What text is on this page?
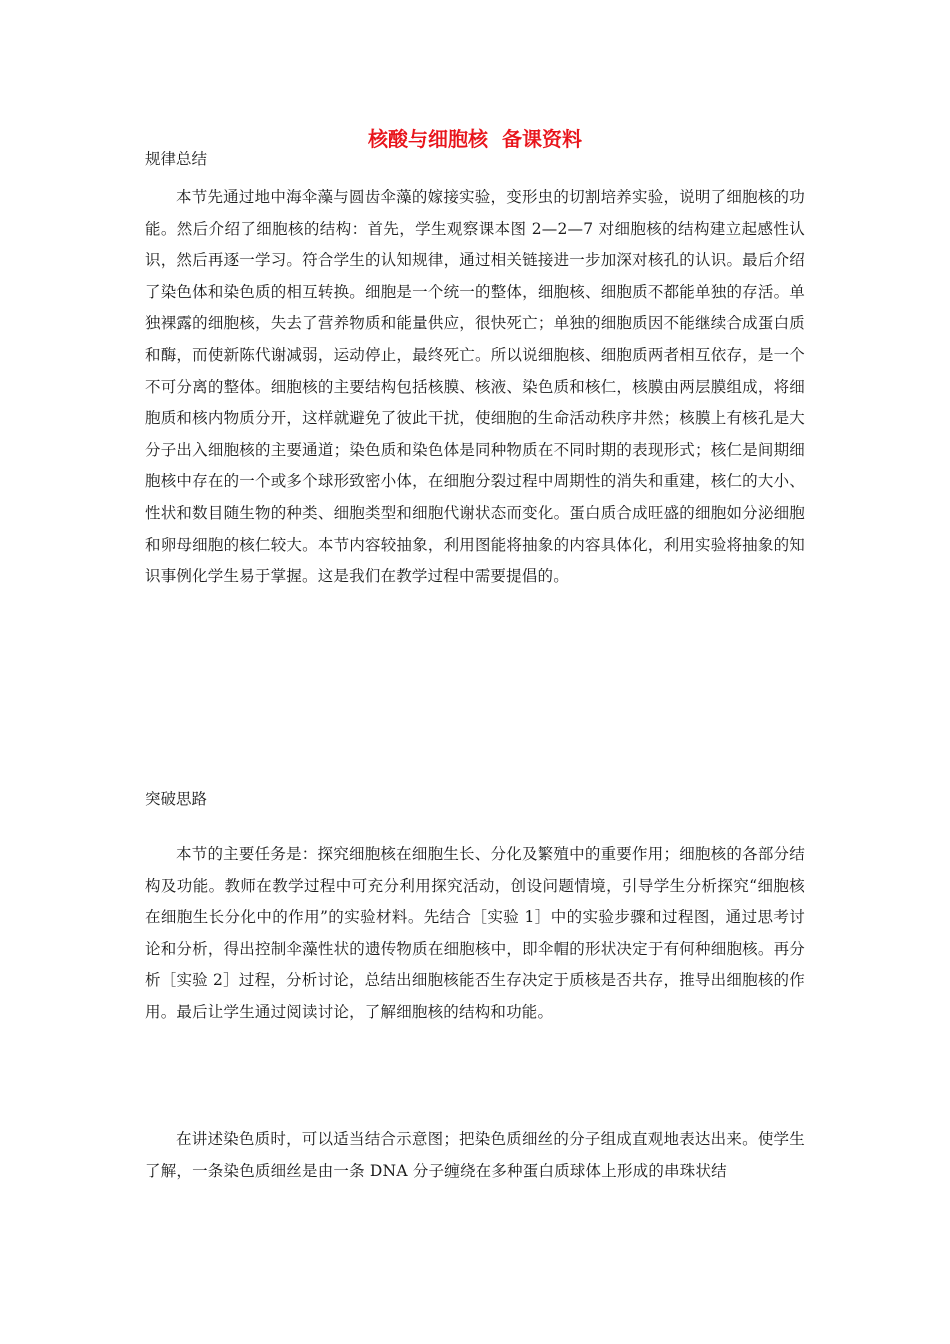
核酸与细胞核  备课资料
规律总结

本节先通过地中海伞藻与圆齿伞藻的嫁接实验，变形虫的切割培养实验，说明了细胞核的功能。然后介绍了细胞核的结构：首先，学生观察课本图 2—2—7 对细胞核的结构建立起感性认识，然后再逐一学习。符合学生的认知规律，通过相关链接进一步加深对核孔的认识。最后介绍了染色体和染色质的相互转换。细胞是一个统一的整体，细胞核、细胞质不都能单独的存活。单独裸露的细胞核，失去了营养物质和能量供应，很快死亡；单独的细胞质因不能继续合成蛋白质和酶，而使新陈代谢减弱，运动停止，最终死亡。所以说细胞核、细胞质两者相互依存，是一个不可分离的整体。细胞核的主要结构包括核膜、核液、染色质和核仁，核膜由两层膜组成，将细胞质和核内物质分开，这样就避免了彼此干扰，使细胞的生命活动秩序井然；核膜上有核孔是大分子出入细胞核的主要通道；染色质和染色体是同种物质在不同时期的表现形式；核仁是间期细胞核中存在的一个或多个球形致密小体，在细胞分裂过程中周期性的消失和重建，核仁的大小、性状和数目随生物的种类、细胞类型和细胞代谢状态而变化。蛋白质合成旺盛的细胞如分泌细胞和卵母细胞的核仁较大。本节内容较抽象，利用图能将抽象的内容具体化，利用实验将抽象的知识事例化学生易于掌握。这是我们在教学过程中需要提倡的。

突破思路

本节的主要任务是：探究细胞核在细胞生长、分化及繁殖中的重要作用；细胞核的各部分结构及功能。教师在教学过程中可充分利用探究活动，创设问题情境，引导学生分析探究“细胞核在细胞生长分化中的作用”的实验材料。先结合［实验 1］中的实验步骤和过程图，通过思考讨论和分析，得出控制伞藻性状的遗传物质在细胞核中，即伞帽的形状决定于有何种细胞核。再分析［实验 2］过程，分析讨论，总结出细胞核能否生存决定于质核是否共存，推导出细胞核的作用。最后让学生通过阅读讨论，了解细胞核的结构和功能。

在讲述染色质时，可以适当结合示意图；把染色质细丝的分子组成直观地表达出来。使学生了解，一条染色质细丝是由一条 DNA 分子缠绕在多种蛋白质球体上形成的串珠状结
